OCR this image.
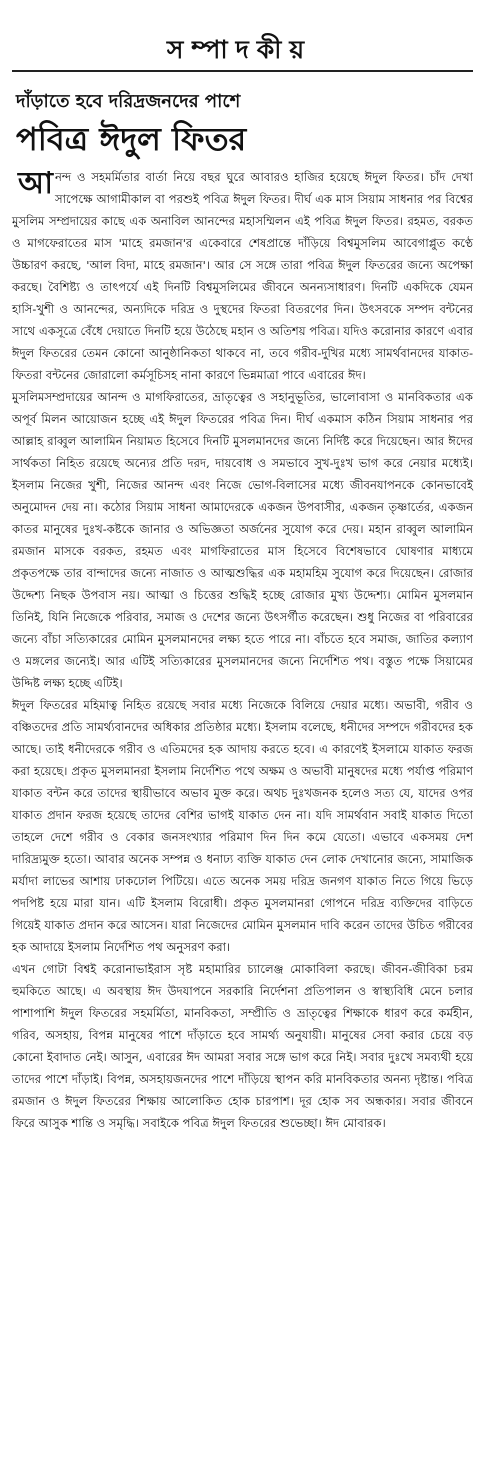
সম্পাদকীয়
দাঁড়াতে হবে দরিদ্রজনদের পাশে
পবিত্র ঈদুল ফিতর

আনন্দ ও সহমর্মিতার বার্তা নিয়ে বছর ঘুরে আবারও হাজির হয়েছে ঈদুল ফিতর। চাঁদ দেখা সাপেক্ষে আগামীকাল বা পরশুই পবিত্র ঈদুল ফিতর। দীর্ঘ এক মাস সিয়াম সাধনার পর বিশ্বের মুসলিম সম্প্রদায়ের কাছে এক অনাবিল আনন্দের মহাসম্মিলন এই পবিত্র ঈদুল ফিতর। রহমত, বরকত ও মাগফেরাতের মাস 'মাহে রমজান'র একেবারে শেষপ্রান্তে দাঁড়িয়ে বিশ্বমুসলিম আবেগাপ্লুত কণ্ঠে উচ্চারণ করছে, 'আল বিদা, মাহে রমজান'। আর সে সঙ্গে তারা পবিত্র ঈদুল ফিতরের জন্যে অপেক্ষা করছে। বৈশিষ্ট্য ও তাৎপর্যে এই দিনটি বিশ্বমুসলিমের জীবনে অনন্যসাধারণ। দিনটি একদিকে যেমন হাসি-খুশী ও আনন্দের, অন্যদিকে দরিদ্র ও দুস্থদের ফিতরা বিতরণের দিন। উৎসবকে সম্পদ বন্টনের সাথে একসূত্রে বেঁধে দেয়াতে দিনটি হয়ে উঠেছে মহান ও অতিশয় পবিত্র। যদিও করোনার কারণে এবার ঈদুল ফিতরের তেমন কোনো আনুষ্ঠানিকতা থাকবে না, তবে গরীব-দুখির মধ্যে সামর্থবানদের যাকাত-ফিতরা বন্টনের জোরালো কর্মসূচিসহ নানা কারণে ভিন্নমাত্রা পাবে এবারের ঈদ।

মুসলিমসম্প্রদায়ের আনন্দ ও মাগফিরাতের, ভ্রাতৃত্বের ও সহানুভূতির, ভালোবাসা ও মানবিকতার এক অপূর্ব মিলন আয়োজন হচ্ছে এই ঈদুল ফিতরের পবিত্র দিন। দীর্ঘ একমাস কঠিন সিয়াম সাধনার পর আল্লাহ রাব্বুল আলামিন নিয়ামত হিসেবে দিনটি মুসলমানদের জন্যে নির্দিষ্ট করে দিয়েছেন। আর ঈদের সার্থকতা নিহিত রয়েছে অন্যের প্রতি দরদ, দায়বোধ ও সমভাবে সুখ-দুঃখ ভাগ করে নেয়ার মধ্যেই। ইসলাম নিজের খুশী, নিজের আনন্দ এবং নিজে ভোগ-বিলাসের মধ্যে জীবনযাপনকে কোনভাবেই অনুমোদন দেয় না। কঠোর সিয়াম সাধনা আমাদেরকে একজন উপবাসীর, একজন তৃষ্ণার্তের, একজন কাতর মানুষের দুঃখ-কষ্টকে জানার ও অভিজ্ঞতা অর্জনের সুযোগ করে দেয়। মহান রাব্বুল আলামিন রমজান মাসকে বরকত, রহমত এবং মাগফিরাতের মাস হিসেবে বিশেষভাবে ঘোষণার মাধ্যমে প্রকৃতপক্ষে তার বান্দাদের জন্যে নাজাত ও আত্মশুদ্ধির এক মহামহিম সুযোগ করে দিয়েছেন। রোজার উদ্দেশ্য নিছক উপবাস নয়। আত্মা ও চিত্তের শুদ্ধিই হচ্ছে রোজার মুখ্য উদ্দেশ্য। মোমিন মুসলমান তিনিই, যিনি নিজেকে পরিবার, সমাজ ও দেশের জন্যে উৎসর্গীত করেছেন। শুধু নিজের বা পরিবারের জন্যে বাঁচা সত্যিকারের মোমিন মুসলমানদের লক্ষ্য হতে পারে না। বাঁচতে হবে সমাজ, জাতির কল্যাণ ও মঙ্গলের জন্যেই। আর এটিই সত্যিকারের মুসলমানদের জন্যে নির্দেশিত পথ। বস্তুত পক্ষে সিয়ামের উদ্দিষ্ট লক্ষ্য হচ্ছে এটিই।

ঈদুল ফিতরের মহিমাত্ব নিহিত রয়েছে সবার মধ্যে নিজেকে বিলিয়ে দেয়ার মধ্যে। অভাবী, গরীব ও বঞ্চিতদের প্রতি সামর্থ্যবানদের অধিকার প্রতিষ্ঠার মধ্যে। ইসলাম বলেছে, ধনীদের সম্পদে গরীবদের হক আছে। তাই ধনীদেরকে গরীব ও এতিমদের হক আদায় করতে হবে। এ কারণেই ইসলামে যাকাত ফরজ করা হয়েছে। প্রকৃত মুসলমানরা ইসলাম নির্দেশিত পথে অক্ষম ও অভাবী মানুষদের মধ্যে পর্যাপ্ত পরিমাণ যাকাত বন্টন করে তাদের স্থায়ীভাবে অভাব মুক্ত করে। অথচ দুঃখজনক হলেও সত্য যে, যাদের ওপর যাকাত প্রদান ফরজ হয়েছে তাদের বেশির ভাগই যাকাত দেন না। যদি সামর্থবান সবাই যাকাত দিতো তাহলে দেশে গরীব ও বেকার জনসংখ্যার পরিমাণ দিন দিন কমে যেতো। এভাবে একসময় দেশ দারিদ্র্যমুক্ত হতো। আবার অনেক সম্পন্ন ও ধনাঢ্য ব্যক্তি যাকাত দেন লোক দেখানোর জন্যে, সামাজিক মর্যাদা লাভের আশায় ঢাকঢোল পিটিয়ে। এতে অনেক সময় দরিদ্র জনগণ যাকাত নিতে গিয়ে ভিড়ে পদপিষ্ট হয়ে মারা যান। এটি ইসলাম বিরোধী। প্রকৃত মুসলমানরা গোপনে দরিদ্র ব্যক্তিদের বাড়িতে গিয়েই যাকাত প্রদান করে আসেন। যারা নিজেদের মোমিন মুসলমান দাবি করেন তাদের উচিত গরীবের হক আদায়ে ইসলাম নির্দেশিত পথ অনুসরণ করা।

এখন গোটা বিশ্বই করোনাভাইরাস সৃষ্ট মহামারির চ্যালেঞ্জ মোকাবিলা করছে। জীবন-জীবিকা চরম হুমকিতে আছে। এ অবস্থায় ঈদ উদযাপনে সরকারি নির্দেশনা প্রতিপালন ও স্বাস্থ্যবিধি মেনে চলার পাশাপাশি ঈদুল ফিতরের সহমর্মিতা, মানবিকতা, সম্প্রীতি ও ভ্রাতৃত্বের শিক্ষাকে ধারণ করে কর্মহীন, গরিব, অসহায়, বিপন্ন মানুষের পাশে দাঁড়াতে হবে সামর্থ্য অনুযায়ী। মানুষের সেবা করার চেয়ে বড় কোনো ইবাদাত নেই। আসুন, এবারের ঈদ আমরা সবার সঙ্গে ভাগ করে নিই। সবার দুঃখে সমব্যথী হয়ে তাদের পাশে দাঁড়াই। বিপন্ন, অসহায়জনদের পাশে দাঁড়িয়ে স্থাপন করি মানবিকতার অনন্য দৃষ্টান্ত। পবিত্র রমজান ও ঈদুল ফিতরের শিক্ষায় আলোকিত হোক চারপাশ। দূর হোক সব অন্ধকার। সবার জীবনে ফিরে আসুক শান্তি ও সমৃদ্ধি। সবাইকে পবিত্র ঈদুল ফিতরের শুভেচ্ছা। ঈদ মোবারক।
